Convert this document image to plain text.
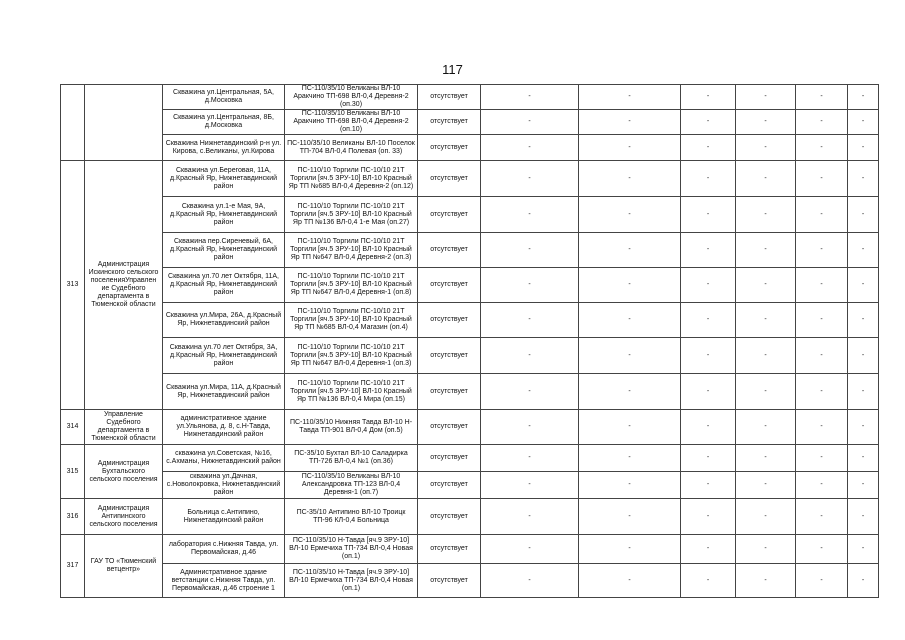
117
		Скважина ул.Центральная, 5А, д.Московка	ПС-110/35/10 Великаны ВЛ-10 Аракчино ТП-698 ВЛ-0,4 Деревня-2 (оп.30)	отсутствует	-	-	-	-	-	-
		Скважина ул.Центральная, 8Б, д.Московка	ПС-110/35/10 Великаны ВЛ-10 Аракчино ТП-698 ВЛ-0,4 Деревня-2 (оп.10)	отсутствует	-	-	-	-	-	-
		Скважина Нижнетавдинский р-н ул. Кирова, с.Великаны, ул.Кирова	ПС-110/35/10 Великаны ВЛ-10 Поселок ТП-704 ВЛ-0,4 Полевая (оп. 33)	отсутствует	-	-	-	-	-	-
313	Администрация Искинского сельского поселенияУправлен ие Судебного департамента в Тюменской области	Скважина ул.Береговая, 11А, д.Красный Яр, Нижнетавдинский район	ПС-110/10 Торгили ПС-10/10 21Т Торгили [яч.5 ЗРУ-10] ВЛ-10 Красный Яр ТП №685 ВЛ-0,4 Деревня-2 (оп.12)	отсутствует	-	-	-	-	-	-
		Скважина ул.1-е Мая, 9А, д.Красный Яр, Нижнетавдинский район	ПС-110/10 Торгили ПС-10/10 21Т Торгили [яч.5 ЗРУ-10] ВЛ-10 Красный Яр ТП №136 ВЛ-0,4 1-е Мая (оп.27)	отсутствует	-	-	-	-	-	-
		Скважина пер.Сиреневый, 6А, д.Красный Яр, Нижнетавдинский район	ПС-110/10 Торгили ПС-10/10 21Т Торгили [яч.5 ЗРУ-10] ВЛ-10 Красный Яр ТП №647 ВЛ-0,4 Деревня-2 (оп.3)	отсутствует	-	-	-	-	-	-
		Скважина ул.70 лет Октября, 11А, д.Красный Яр, Нижнетавдинский район	ПС-110/10 Торгили ПС-10/10 21Т Торгили [яч.5 ЗРУ-10] ВЛ-10 Красный Яр ТП №647 ВЛ-0,4 Деревня-1 (оп.8)	отсутствует	-	-	-	-	-	-
		Скважина ул.Мира, 26А, д.Красный Яр, Нижнетавдинский район	ПС-110/10 Торгили ПС-10/10 21Т Торгили [яч.5 ЗРУ-10] ВЛ-10 Красный Яр ТП №685 ВЛ-0,4 Магазин (оп.4)	отсутствует	-	-	-	-	-	-
		Скважина ул.70 лет Октября, 3А, д.Красный Яр, Нижнетавдинский район	ПС-110/10 Торгили ПС-10/10 21Т Торгили [яч.5 ЗРУ-10] ВЛ-10 Красный Яр ТП №647 ВЛ-0,4 Деревня-1 (оп.3)	отсутствует	-	-	-	-	-	-
		Скважина ул.Мира, 11А, д.Красный Яр, Нижнетавдинский район	ПС-110/10 Торгили ПС-10/10 21Т Торгили [яч.5 ЗРУ-10] ВЛ-10 Красный Яр ТП №136 ВЛ-0,4 Мира (оп.15)	отсутствует	-	-	-	-	-	-
314	Управление Судебного департамента в Тюменской области	административное здание ул.Ульянова, д. 8, с.Н-Тавда, Нижнетавдинский район	ПС-110/35/10 Нижняя Тавда ВЛ-10 Н-Тавда ТП-901 ВЛ-0,4 Дом (оп.5)	отсутствует	-	-	-	-	-	-
315	Администрация Бухтальского сельского поселения	скважина ул.Советская, №16, с.Ахманы, Нижнетавдинский район	ПС-35/10 Бухтал ВЛ-10 Саладирка ТП-726 ВЛ-0,4 №1 (оп.36)	отсутствует	-	-	-	-	-	-
		скважина ул.Дачная, с.Новолокровка, Нижнетавдинский район	ПС-110/35/10 Великаны ВЛ-10 Александровка ТП-123 ВЛ-0,4 Деревня-1 (оп.7)	отсутствует	-	-	-	-	-	-
316	Администрация Антипинского сельского поселения	Больница с.Антипино, Нижнетавдинский район	ПС-35/10 Антипино ВЛ-10 Троицк ТП-96 КЛ-0,4 Больница	отсутствует	-	-	-	-	-	-
317	ГАУ ТО «Тюменский ветцентр»	лаборатория с.Нижняя Тавда, ул. Первомайская, д.46	ПС-110/35/10 Н-Тавда [яч.9 ЗРУ-10] ВЛ-10 Ермечиха ТП-734 ВЛ-0,4 Новая (оп.1)	отсутствует	-	-	-	-	-	-
		Административное здание ветстанции с.Нижняя Тавда, ул. Первомайская, д.46 строение 1	ПС-110/35/10 Н-Тавда [яч.9 ЗРУ-10] ВЛ-10 Ермечиха ТП-734 ВЛ-0,4 Новая (оп.1)	отсутствует	-	-	-	-	-	-
